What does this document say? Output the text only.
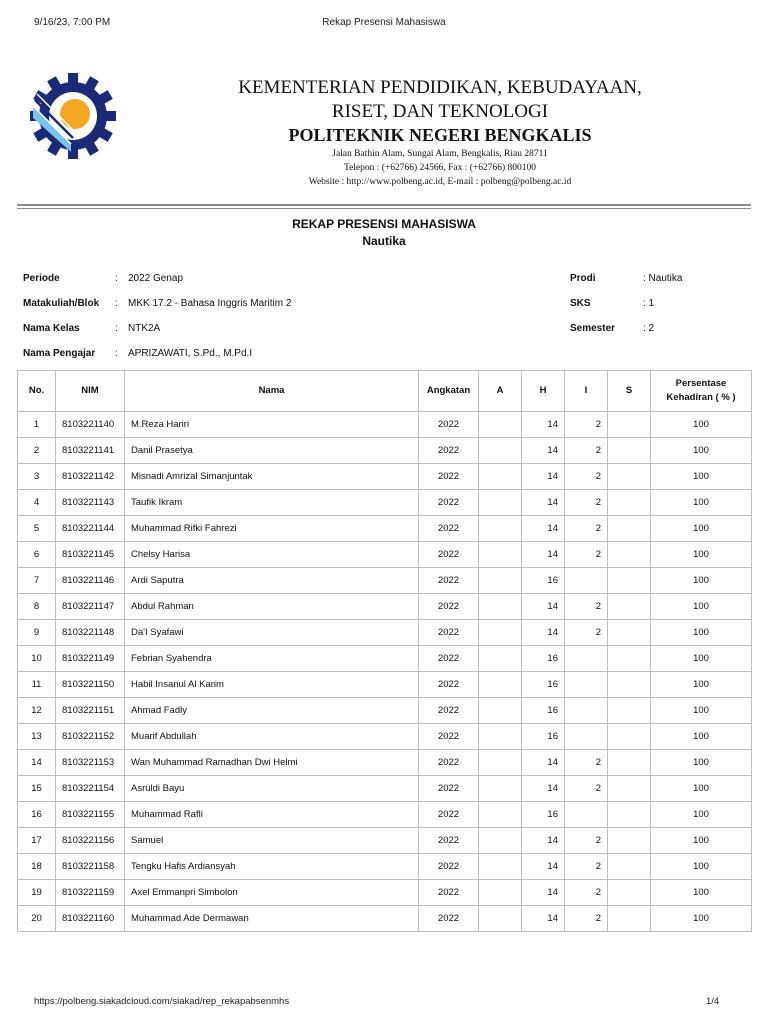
9/16/23, 7:00 PM	Rekap Presensi Mahasiswa
KEMENTERIAN PENDIDIKAN, KEBUDAYAAN,
RISET, DAN TEKNOLOGI
POLITEKNIK NEGERI BENGKALIS
Jalan Bathin Alam, Sungai Alam, Bengkalis, Riau 28711
Telepon : (+62766) 24566, Fax : (+62766) 800100
Website : http://www.polbeng.ac.id, E-mail : polbeng@polbeng.ac.id
REKAP PRESENSI MAHASISWA
Nautika
Periode	: 2022 Genap
Matakuliah/Blok : MKK 17.2 - Bahasa Inggris Maritim 2
Nama Kelas	: NTK2A
Nama Pengajar : APRIZAWATI, S.Pd., M.Pd.I
Prodi	: Nautika
SKS	: 1
Semester	: 2
No.	NIM	Nama	Angkatan	A	H	I	S	Persentase Kehadiran ( % )
1	8103221140	M.Reza Hariri	2022		14	2		100
2	8103221141	Danil Prasetya	2022		14	2		100
3	8103221142	Misnadi Amrizal Simanjuntak	2022		14	2		100
4	8103221143	Taufik Ikram	2022		14	2		100
5	8103221144	Muhammad Rifki Fahrezi	2022		14	2		100
6	8103221145	Chelsy Harisa	2022		14	2		100
7	8103221146	Ardi Saputra	2022		16			100
8	8103221147	Abdul Rahman	2022		14	2		100
9	8103221148	Da'I Syafawi	2022		14	2		100
10	8103221149	Febrian Syahendra	2022		16			100
11	8103221150	Habil Insanul Al Karim	2022		16			100
12	8103221151	Ahmad Fadly	2022		16			100
13	8103221152	Muarif Abdullah	2022		16			100
14	8103221153	Wan Muhammad Ramadhan Dwi Helmi	2022		14	2		100
15	8103221154	Asruldi Bayu	2022		14	2		100
16	8103221155	Muhammad Rafli	2022		16			100
17	8103221156	Samuel	2022		14	2		100
18	8103221158	Tengku Hafis Ardiansyah	2022		14	2		100
19	8103221159	Axel Emmanpri Simbolon	2022		14	2		100
20	8103221160	Muhammad Ade Dermawan	2022		14	2		100
https://polbeng.siakadcloud.com/siakad/rep_rekapabsenmhs	1/4
